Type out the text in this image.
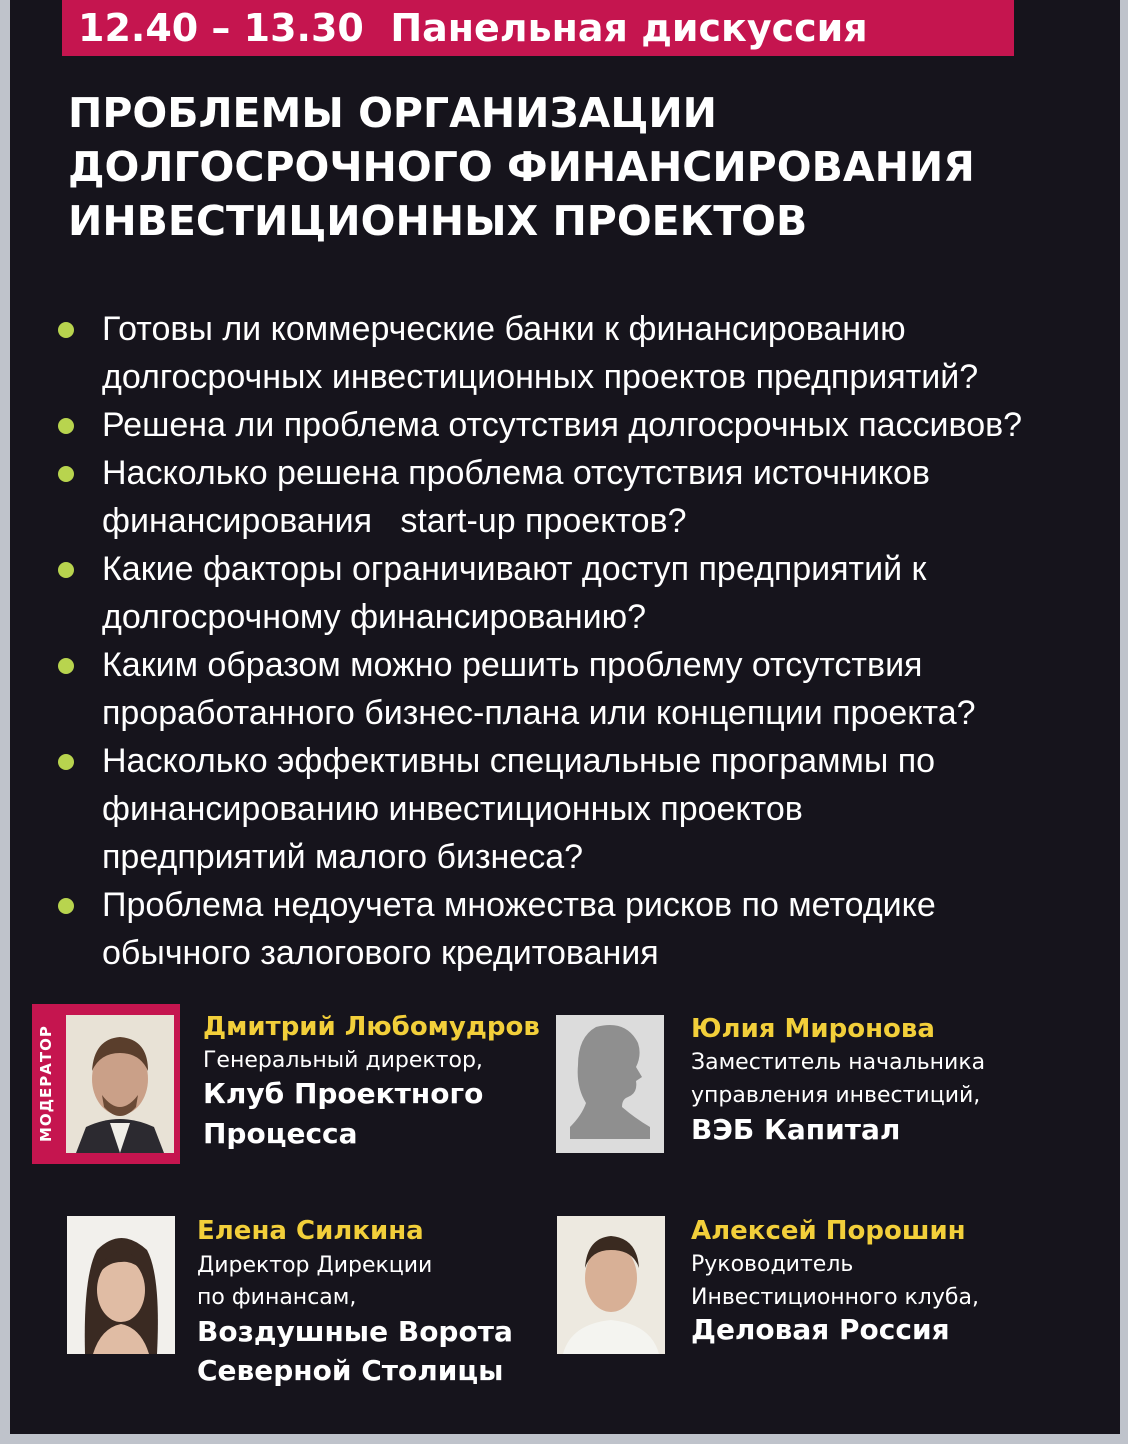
12.40 – 13.30 Панельная дискуссия
ПРОБЛЕМЫ ОРГАНИЗАЦИИ
ДОЛГОСРОЧНОГО ФИНАНСИРОВАНИЯ
ИНВЕСТИЦИОННЫХ ПРОЕКТОВ
Готовы ли коммерческие банки к финансированию
долгосрочных инвестиционных проектов предприятий?
Решена ли проблема отсутствия долгосрочных пассивов?
Насколько решена проблема отсутствия источников
финансирования   start-up проектов?
Какие факторы ограничивают доступ предприятий к
долгосрочному финансированию?
Каким образом можно решить проблему отсутствия
проработанного бизнес-плана или концепции проекта?
Насколько эффективны специальные программы по
финансированию инвестиционных проектов
предприятий малого бизнеса?
Проблема недоучета множества рисков по методике
обычного залогового кредитования
МОДЕРАТОР	Дмитрий Любомудров
Генеральный директор,
Клуб Проектного
Процесса
Юлия Миронова
Заместитель начальника
управления инвестиций,
ВЭБ Капитал
Елена Силкина
Директор Дирекции
по финансам,
Воздушные Ворота
Северной Столицы
Алексей Порошин
Руководитель
Инвестиционного клуба,
Деловая Россия
